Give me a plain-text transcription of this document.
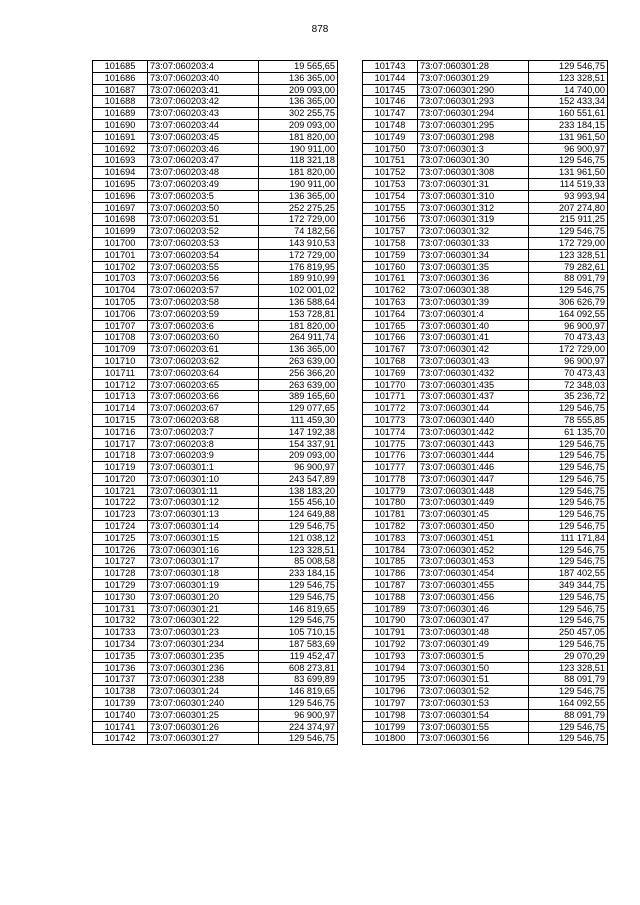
878
101685	73:07:060203:4	19 565,65
101686	73:07:060203:40	136 365,00
101687	73:07:060203:41	209 093,00
101688	73:07:060203:42	136 365,00
101689	73:07:060203:43	302 255,75
101690	73:07:060203:44	209 093,00
101691	73:07:060203:45	181 820,00
101692	73:07:060203:46	190 911,00
101693	73:07:060203:47	118 321,18
101694	73:07:060203:48	181 820,00
101695	73:07:060203:49	190 911,00
101696	73:07:060203:5	136 365,00
101697	73:07:060203:50	252 275,25
101698	73:07:060203:51	172 729,00
101699	73:07:060203:52	74 182,56
101700	73:07:060203:53	143 910,53
101701	73:07:060203:54	172 729,00
101702	73:07:060203:55	176 819,95
101703	73:07:060203:56	189 910,99
101704	73:07:060203:57	102 001,02
101705	73:07:060203:58	136 588,64
101706	73:07:060203:59	153 728,81
101707	73:07:060203:6	181 820,00
101708	73:07:060203:60	264 911,74
101709	73:07:060203:61	136 365,00
101710	73:07:060203:62	263 639,00
101711	73:07:060203:64	256 366,20
101712	73:07:060203:65	263 639,00
101713	73:07:060203:66	389 165,60
101714	73:07:060203:67	129 077,65
101715	73:07:060203:68	111 459,30
101716	73:07:060203:7	147 192,38
101717	73:07:060203:8	154 337,91
101718	73:07:060203:9	209 093,00
101719	73:07:060301:1	96 900,97
101720	73:07:060301:10	243 547,89
101721	73:07:060301:11	138 183,20
101722	73:07:060301:12	155 456,10
101723	73:07:060301:13	124 649,88
101724	73:07:060301:14	129 546,75
101725	73:07:060301:15	121 038,12
101726	73:07:060301:16	123 328,51
101727	73:07:060301:17	85 008,58
101728	73:07:060301:18	233 184,15
101729	73:07:060301:19	129 546,75
101730	73:07:060301:20	129 546,75
101731	73:07:060301:21	146 819,65
101732	73:07:060301:22	129 546,75
101733	73:07:060301:23	105 710,15
101734	73:07:060301:234	187 583,69
101735	73:07:060301:235	119 452,47
101736	73:07:060301:236	608 273,81
101737	73:07:060301:238	83 699,89
101738	73:07:060301:24	146 819,65
101739	73:07:060301:240	129 546,75
101740	73:07:060301:25	96 900,97
101741	73:07:060301:26	224 374,97
101742	73:07:060301:27	129 546,75
101743	73:07:060301:28	129 546,75
101744	73:07:060301:29	123 328,51
101745	73:07:060301:290	14 740,00
101746	73:07:060301:293	152 433,34
101747	73:07:060301:294	160 551,61
101748	73:07:060301:295	233 184,15
101749	73:07:060301:298	131 961,50
101750	73:07:060301:3	96 900,97
101751	73:07:060301:30	129 546,75
101752	73:07:060301:308	131 961,50
101753	73:07:060301:31	114 519,33
101754	73:07:060301:310	93 993,94
101755	73:07:060301:312	207 274,80
101756	73:07:060301:319	215 911,25
101757	73:07:060301:32	129 546,75
101758	73:07:060301:33	172 729,00
101759	73:07:060301:34	123 328,51
101760	73:07:060301:35	79 282,61
101761	73:07:060301:36	88 091,79
101762	73:07:060301:38	129 546,75
101763	73:07:060301:39	306 626,79
101764	73:07:060301:4	164 092,55
101765	73:07:060301:40	96 900,97
101766	73:07:060301:41	70 473,43
101767	73:07:060301:42	172 729,00
101768	73:07:060301:43	96 900,97
101769	73:07:060301:432	70 473,43
101770	73:07:060301:435	72 348,03
101771	73:07:060301:437	35 236,72
101772	73:07:060301:44	129 546,75
101773	73:07:060301:440	78 555,85
101774	73:07:060301:442	61 135,70
101775	73:07:060301:443	129 546,75
101776	73:07:060301:444	129 546,75
101777	73:07:060301:446	129 546,75
101778	73:07:060301:447	129 546,75
101779	73:07:060301:448	129 546,75
101780	73:07:060301:449	129 546,75
101781	73:07:060301:45	129 546,75
101782	73:07:060301:450	129 546,75
101783	73:07:060301:451	111 171,84
101784	73:07:060301:452	129 546,75
101785	73:07:060301:453	129 546,75
101786	73:07:060301:454	187 402,55
101787	73:07:060301:455	349 344,75
101788	73:07:060301:456	129 546,75
101789	73:07:060301:46	129 546,75
101790	73:07:060301:47	129 546,75
101791	73:07:060301:48	250 457,05
101792	73:07:060301:49	129 546,75
101793	73:07:060301:5	29 070,29
101794	73:07:060301:50	123 328,51
101795	73:07:060301:51	88 091,79
101796	73:07:060301:52	129 546,75
101797	73:07:060301:53	164 092,55
101798	73:07:060301:54	88 091,79
101799	73:07:060301:55	129 546,75
101800	73:07:060301:56	129 546,75
